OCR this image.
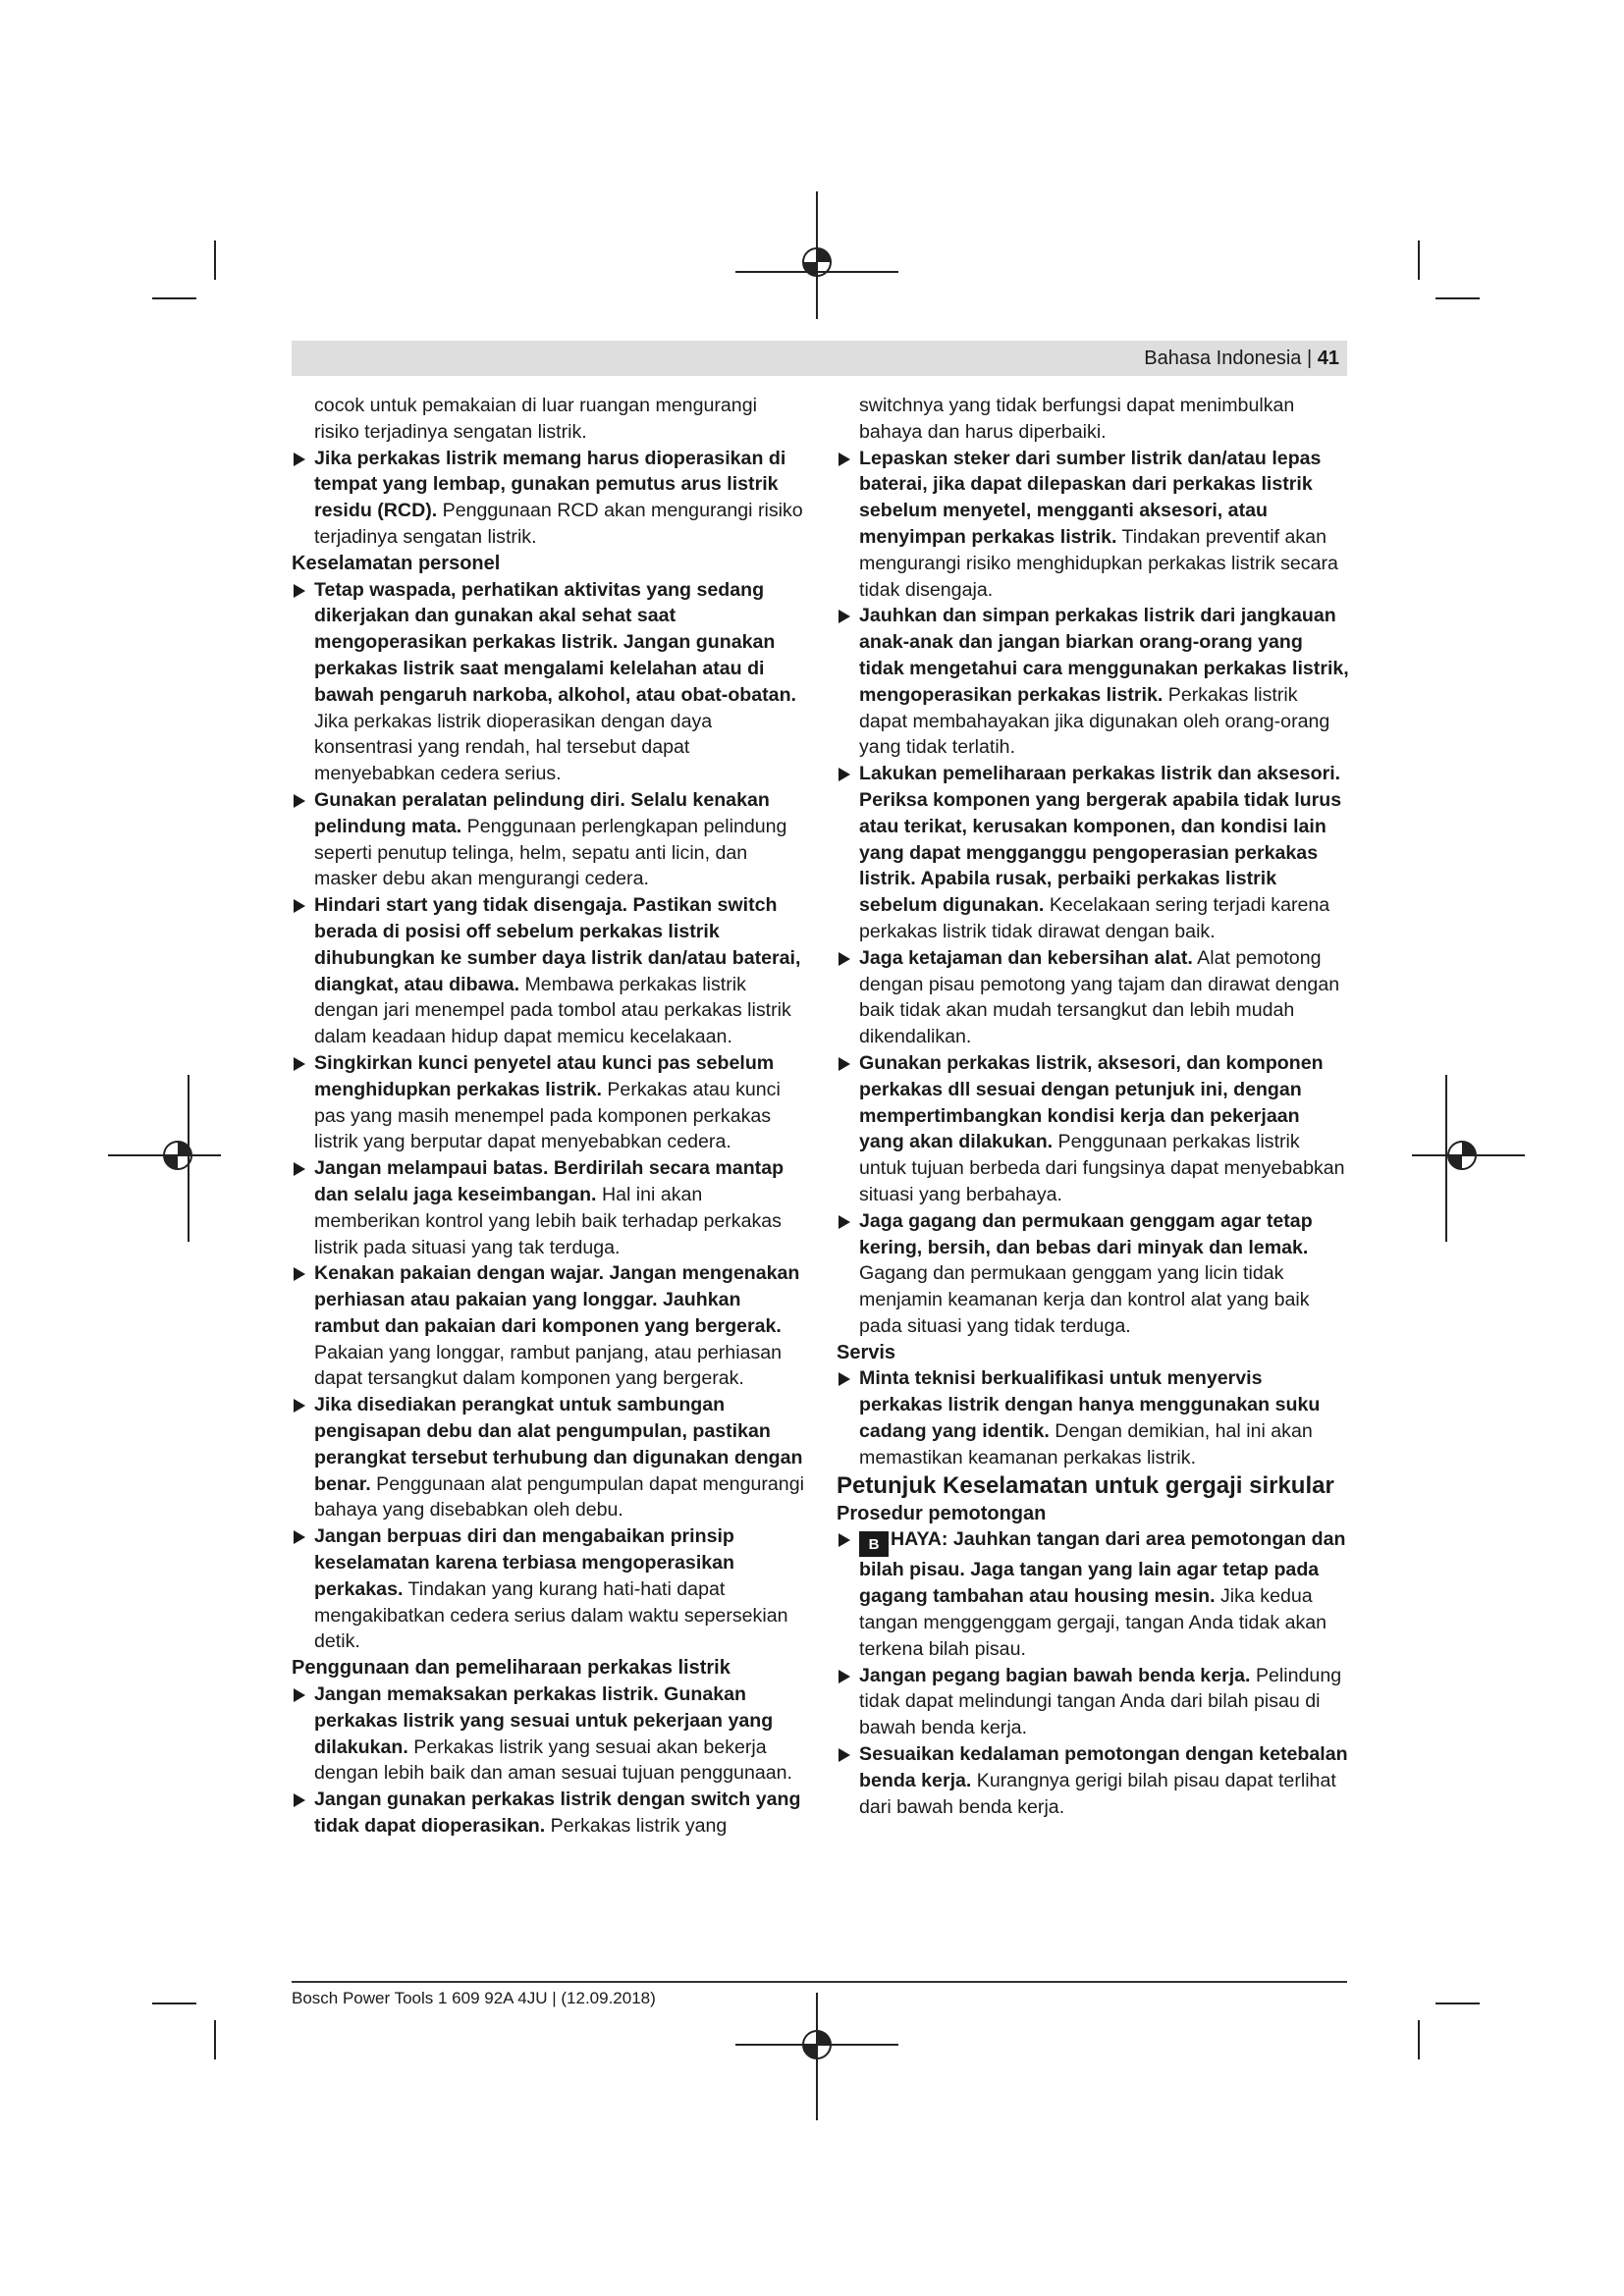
Bahasa Indonesia | 41

cocok untuk pemakaian di luar ruangan mengurangi risiko terjadinya sengatan listrik.

Jika perkakas listrik memang harus dioperasikan di tempat yang lembap, gunakan pemutus arus listrik residu (RCD). Penggunaan RCD akan mengurangi risiko terjadinya sengatan listrik.

Keselamatan personel

Tetap waspada, perhatikan aktivitas yang sedang dikerjakan dan gunakan akal sehat saat mengoperasikan perkakas listrik. Jangan gunakan perkakas listrik saat mengalami kelelahan atau di bawah pengaruh narkoba, alkohol, atau obat-obatan. Jika perkakas listrik dioperasikan dengan daya konsentrasi yang rendah, hal tersebut dapat menyebabkan cedera serius.

Gunakan peralatan pelindung diri. Selalu kenakan pelindung mata. Penggunaan perlengkapan pelindung seperti penutup telinga, helm, sepatu anti licin, dan masker debu akan mengurangi cedera.

Hindari start yang tidak disengaja. Pastikan switch berada di posisi off sebelum perkakas listrik dihubungkan ke sumber daya listrik dan/atau baterai, diangkat, atau dibawa. Membawa perkakas listrik dengan jari menempel pada tombol atau perkakas listrik dalam keadaan hidup dapat memicu kecelakaan.

Singkirkan kunci penyetel atau kunci pas sebelum menghidupkan perkakas listrik. Perkakas atau kunci pas yang masih menempel pada komponen perkakas listrik yang berputar dapat menyebabkan cedera.

Jangan melampaui batas. Berdirilah secara mantap dan selalu jaga keseimbangan. Hal ini akan memberikan kontrol yang lebih baik terhadap perkakas listrik pada situasi yang tak terduga.

Kenakan pakaian dengan wajar. Jangan mengenakan perhiasan atau pakaian yang longgar. Jauhkan rambut dan pakaian dari komponen yang bergerak. Pakaian yang longgar, rambut panjang, atau perhiasan dapat tersangkut dalam komponen yang bergerak.

Jika disediakan perangkat untuk sambungan pengisapan debu dan alat pengumpulan, pastikan perangkat tersebut terhubung dan digunakan dengan benar. Penggunaan alat pengumpulan dapat mengurangi bahaya yang disebabkan oleh debu.

Jangan berpuas diri dan mengabaikan prinsip keselamatan karena terbiasa mengoperasikan perkakas. Tindakan yang kurang hati-hati dapat mengakibatkan cedera serius dalam waktu sepersekian detik.

Penggunaan dan pemeliharaan perkakas listrik

Jangan memaksakan perkakas listrik. Gunakan perkakas listrik yang sesuai untuk pekerjaan yang dilakukan. Perkakas listrik yang sesuai akan bekerja dengan lebih baik dan aman sesuai tujuan penggunaan.

Jangan gunakan perkakas listrik dengan switch yang tidak dapat dioperasikan. Perkakas listrik yang

switchnya yang tidak berfungsi dapat menimbulkan bahaya dan harus diperbaiki.

Lepaskan steker dari sumber listrik dan/atau lepas baterai, jika dapat dilepaskan dari perkakas listrik sebelum menyetel, mengganti aksesori, atau menyimpan perkakas listrik. Tindakan preventif akan mengurangi risiko menghidupkan perkakas listrik secara tidak disengaja.

Jauhkan dan simpan perkakas listrik dari jangkauan anak-anak dan jangan biarkan orang-orang yang tidak mengetahui cara menggunakan perkakas listrik, mengoperasikan perkakas listrik. Perkakas listrik dapat membahayakan jika digunakan oleh orang-orang yang tidak terlatih.

Lakukan pemeliharaan perkakas listrik dan aksesori. Periksa komponen yang bergerak apabila tidak lurus atau terikat, kerusakan komponen, dan kondisi lain yang dapat mengganggu pengoperasian perkakas listrik. Apabila rusak, perbaiki perkakas listrik sebelum digunakan. Kecelakaan sering terjadi karena perkakas listrik tidak dirawat dengan baik.

Jaga ketajaman dan kebersihan alat. Alat pemotong dengan pisau pemotong yang tajam dan dirawat dengan baik tidak akan mudah tersangkut dan lebih mudah dikendalikan.

Gunakan perkakas listrik, aksesori, dan komponen perkakas dll sesuai dengan petunjuk ini, dengan mempertimbangkan kondisi kerja dan pekerjaan yang akan dilakukan. Penggunaan perkakas listrik untuk tujuan berbeda dari fungsinya dapat menyebabkan situasi yang berbahaya.

Jaga gagang dan permukaan genggam agar tetap kering, bersih, dan bebas dari minyak dan lemak. Gagang dan permukaan genggam yang licin tidak menjamin keamanan kerja dan kontrol alat yang baik pada situasi yang tidak terduga.

Servis

Minta teknisi berkualifikasi untuk menyervis perkakas listrik dengan hanya menggunakan suku cadang yang identik. Dengan demikian, hal ini akan memastikan keamanan perkakas listrik.

Petunjuk Keselamatan untuk gergaji sirkular

Prosedur pemotongan

B HAYA: Jauhkan tangan dari area pemotongan dan bilah pisau. Jaga tangan yang lain agar tetap pada gagang tambahan atau housing mesin. Jika kedua tangan menggenggam gergaji, tangan Anda tidak akan terkena bilah pisau.

Jangan pegang bagian bawah benda kerja. Pelindung tidak dapat melindungi tangan Anda dari bilah pisau di bawah benda kerja.

Sesuaikan kedalaman pemotongan dengan ketebalan benda kerja. Kurangnya gerigi bilah pisau dapat terlihat dari bawah benda kerja.

Bosch Power Tools 1 609 92A 4JU | (12.09.2018)
